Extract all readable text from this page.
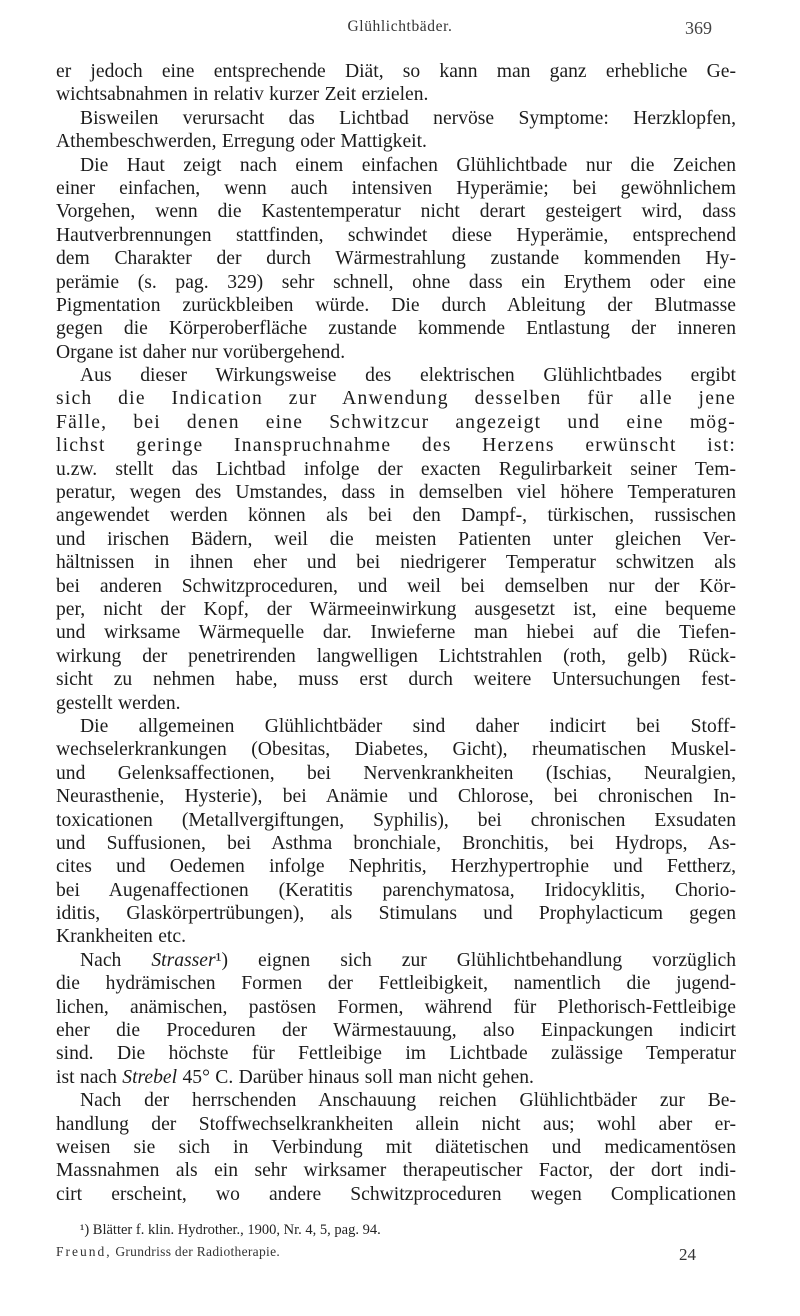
Glühlichtbäder.	369
er jedoch eine entsprechende Diät, so kann man ganz erhebliche Ge-
wichtsabnahmen in relativ kurzer Zeit erzielen.
Bisweilen verursacht das Lichtbad nervöse Symptome: Herzklopfen,
Athembeschwerden, Erregung oder Mattigkeit.
Die Haut zeigt nach einem einfachen Glühlichtbade nur die Zeichen
einer einfachen, wenn auch intensiven Hyperämie; bei gewöhnlichem
Vorgehen, wenn die Kastentemperatur nicht derart gesteigert wird, dass
Hautverbrennungen stattfinden, schwindet diese Hyperämie, entsprechend
dem Charakter der durch Wärmestrahlung zustande kommenden Hy-
perämie (s. pag. 329) sehr schnell, ohne dass ein Erythem oder eine
Pigmentation zurückbleiben würde. Die durch Ableitung der Blutmasse
gegen die Körperoberfläche zustande kommende Entlastung der inneren
Organe ist daher nur vorübergehend.
Aus dieser Wirkungsweise des elektrischen Glühlichtbades ergibt
sich die Indication zur Anwendung desselben für alle jene
Fälle, bei denen eine Schwitzcur angezeigt und eine mög-
lichst geringe Inanspruchnahme des Herzens erwünscht ist:
u.zw. stellt das Lichtbad infolge der exacten Regulirbarkeit seiner Tem-
peratur, wegen des Umstandes, dass in demselben viel höhere Temperaturen
angewendet werden können als bei den Dampf-, türkischen, russischen
und irischen Bädern, weil die meisten Patienten unter gleichen Ver-
hältnissen in ihnen eher und bei niedrigerer Temperatur schwitzen als
bei anderen Schwitzproceduren, und weil bei demselben nur der Kör-
per, nicht der Kopf, der Wärmeeinwirkung ausgesetzt ist, eine bequeme
und wirksame Wärmequelle dar. Inwieferne man hiebei auf die Tiefen-
wirkung der penetrirenden langwelligen Lichtstrahlen (roth, gelb) Rück-
sicht zu nehmen habe, muss erst durch weitere Untersuchungen fest-
gestellt werden.
Die allgemeinen Glühlichtbäder sind daher indicirt bei Stoff-
wechselerkrankungen (Obesitas, Diabetes, Gicht), rheumatischen Muskel-
und Gelenksaffectionen, bei Nervenkrankheiten (Ischias, Neuralgien,
Neurasthenie, Hysterie), bei Anämie und Chlorose, bei chronischen In-
toxicationen (Metallvergiftungen, Syphilis), bei chronischen Exsudaten
und Suffusionen, bei Asthma bronchiale, Bronchitis, bei Hydrops, As-
cites und Oedemen infolge Nephritis, Herzhypertrophie und Fettherz,
bei Augenaffectionen (Keratitis parenchymatosa, Iridocyklitis, Chorio-
iditis, Glaskörpertrübungen), als Stimulans und Prophylacticum gegen
Krankheiten etc.
Nach Strasser¹) eignen sich zur Glühlichtbehandlung vorzüglich
die hydrämischen Formen der Fettleibigkeit, namentlich die jugend-
lichen, anämischen, pastösen Formen, während für Plethorisch-Fettleibige
eher die Proceduren der Wärmestauung, also Einpackungen indicirt
sind. Die höchste für Fettleibige im Lichtbade zulässige Temperatur
ist nach Strebel 45° C. Darüber hinaus soll man nicht gehen.
Nach der herrschenden Anschauung reichen Glühlichtbäder zur Be-
handlung der Stoffwechselkrankheiten allein nicht aus; wohl aber er-
weisen sie sich in Verbindung mit diätetischen und medicamentösen
Massnahmen als ein sehr wirksamer therapeutischer Factor, der dort indi-
cirt erscheint, wo andere Schwitzproceduren wegen Complicationen
¹) Blätter f. klin. Hydrother., 1900, Nr. 4, 5, pag. 94.
Freund, Grundriss der Radiotherapie.	24
